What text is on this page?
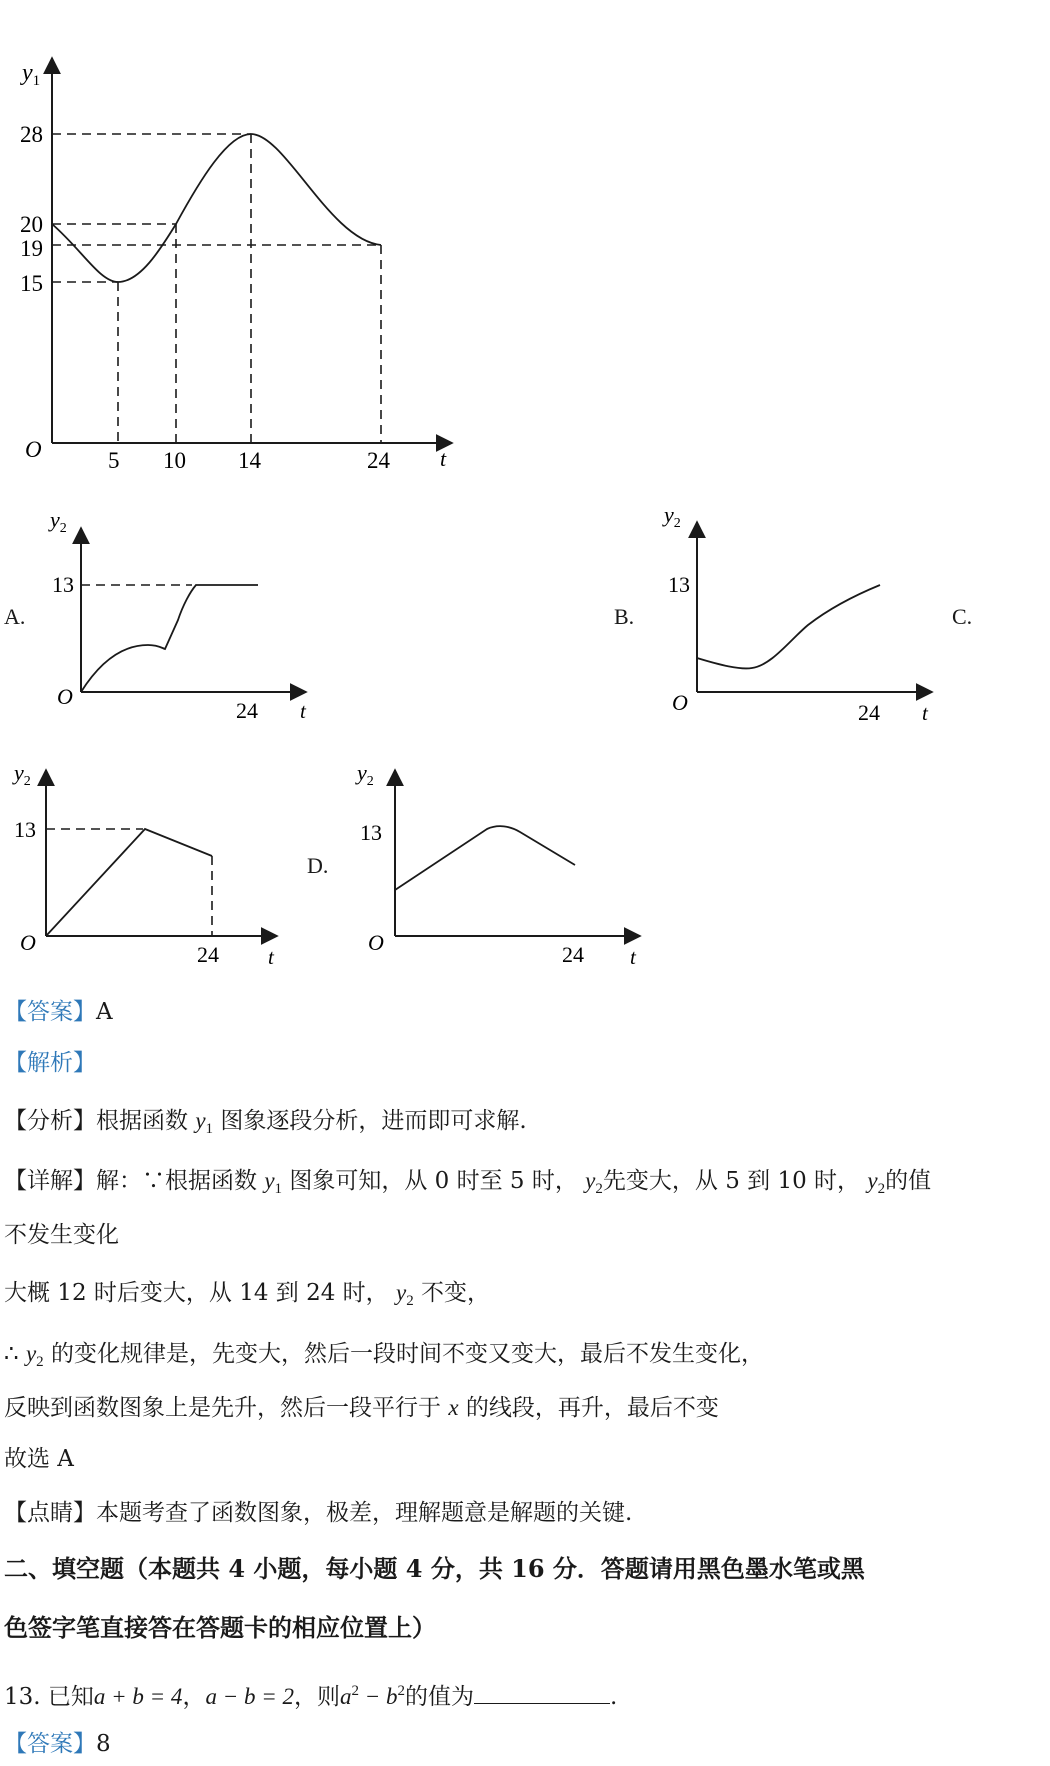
$y_1$
28
20
19
15
O	5 10 14	24 t
$y_2$
13
O
24 t
$y_2$
13
O	24 t
$y_2$
13
O	24 t
$y_2$
13
O	24 t
A.	B.	C.
D.
【答案】A
【解析】
【分析】根据函数 $y_1$ 图象逐段分析，进而即可求解.
【详解】解：∵根据函数 $y_1$ 图象可知，从 0 时至 5 时， $y_2$先变大，从 5 到 10 时， $y_2$的值
不发生变化
大概 12 时后变大，从 14 到 24 时， $y_2$ 不变，
∴ $y_2$ 的变化规律是，先变大，然后一段时间不变又变大，最后不发生变化，
反映到函数图象上是先升，然后一段平行于 x 的线段，再升，最后不变
故选 A
【点睛】本题考查了函数图象，极差，理解题意是解题的关键.
二、填空题（本题共 4 小题，每小题 4 分，共 16 分．答题请用黑色墨水笔或黑
色签字笔直接答在答题卡的相应位置上）
13. 已知a + b = 4，a − b = 2，则$a^2 - b^2$的值为	.
【答案】8
